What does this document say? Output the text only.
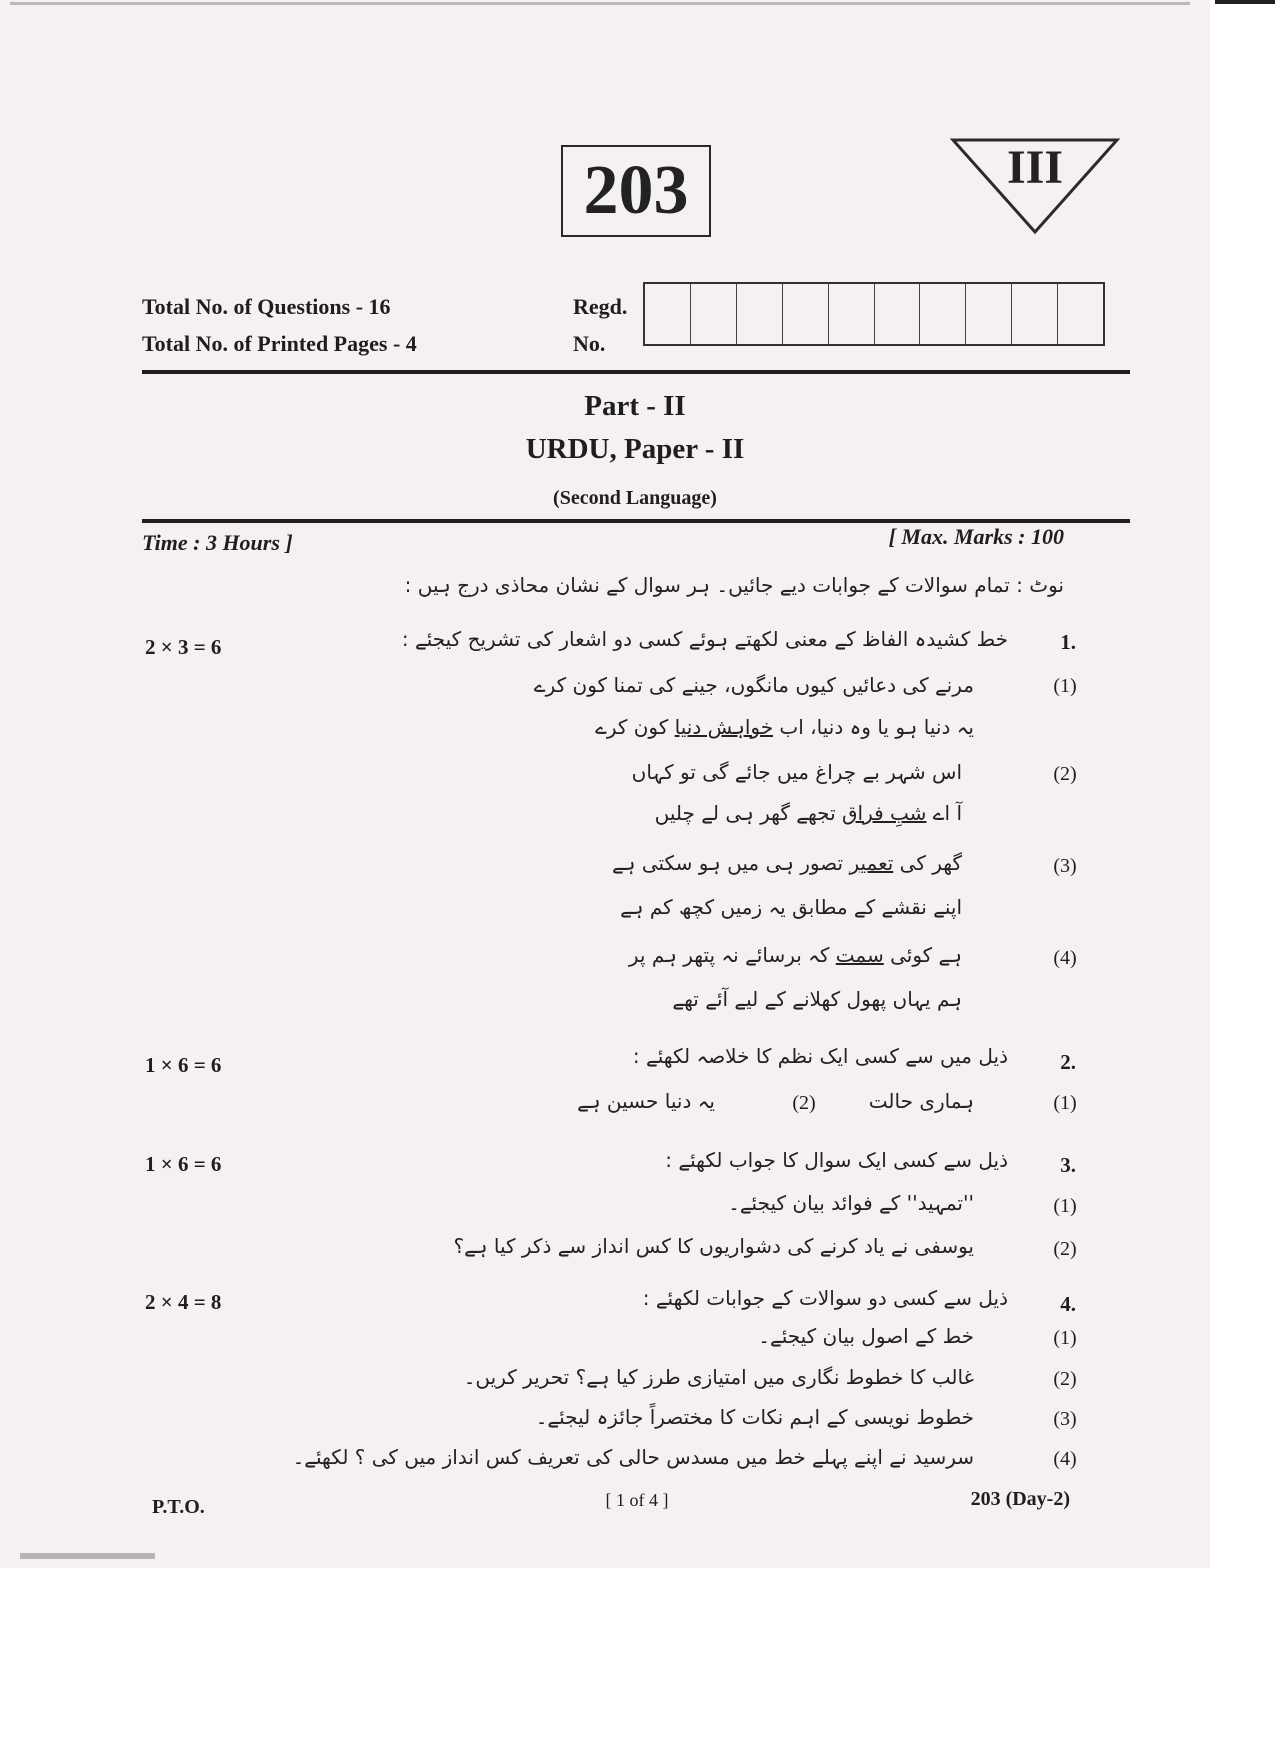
203	III
Total No. of Questions - 16
Total No. of Printed Pages - 4
Regd.
No.
Part - II
URDU, Paper - II
(Second Language)
Time : 3 Hours ]	[ Max. Marks : 100
نوٹ : تمام سوالات کے جوابات دیے جائیں۔ ہر سوال کے نشان محاذی درج ہیں :
1.
خط کشیدہ الفاظ کے معنی لکھتے ہوئے کسی دو اشعار کی تشریح کیجئے :
2 × 3 = 6
(1)
مرنے کی دعائیں کیوں مانگوں، جینے کی تمنا کون کرے
یہ دنیا ہو یا وہ دنیا، اب خواہش دنیا کون کرے
(2)
اس شہر بے چراغ میں جائے گی تو کہاں
آ اے شبِ فراق تجھے گھر ہی لے چلیں
(3)
گھر کی تعمیر تصور ہی میں ہو سکتی ہے
اپنے نقشے کے مطابق یہ زمیں کچھ کم ہے
(4)
ہے کوئی سمت کہ برسائے نہ پتھر ہم پر
ہم یہاں پھول کھلانے کے لیے آئے تھے
2.
ذیل میں سے کسی ایک نظم کا خلاصہ لکھئے :
1 × 6 = 6
(1)
ہماری حالت
(2)
یہ دنیا حسین ہے
3.
ذیل سے کسی ایک سوال کا جواب لکھئے :
1 × 6 = 6
(1)
''تمہید'' کے فوائد بیان کیجئے۔
(2)
یوسفی نے یاد کرنے کی دشواریوں کا کس انداز سے ذکر کیا ہے؟
4.
ذیل سے کسی دو سوالات کے جوابات لکھئے :
2 × 4 = 8
(1)
خط کے اصول بیان کیجئے۔
(2)
غالب کا خطوط نگاری میں امتیازی طرز کیا ہے؟ تحریر کریں۔
(3)
خطوط نویسی کے اہم نکات کا مختصراً جائزہ لیجئے۔
(4)
سرسید نے اپنے پہلے خط میں مسدس حالی کی تعریف کس انداز میں کی ؟ لکھئے۔
P.T.O.	[ 1 of 4 ]	203 (Day-2)
